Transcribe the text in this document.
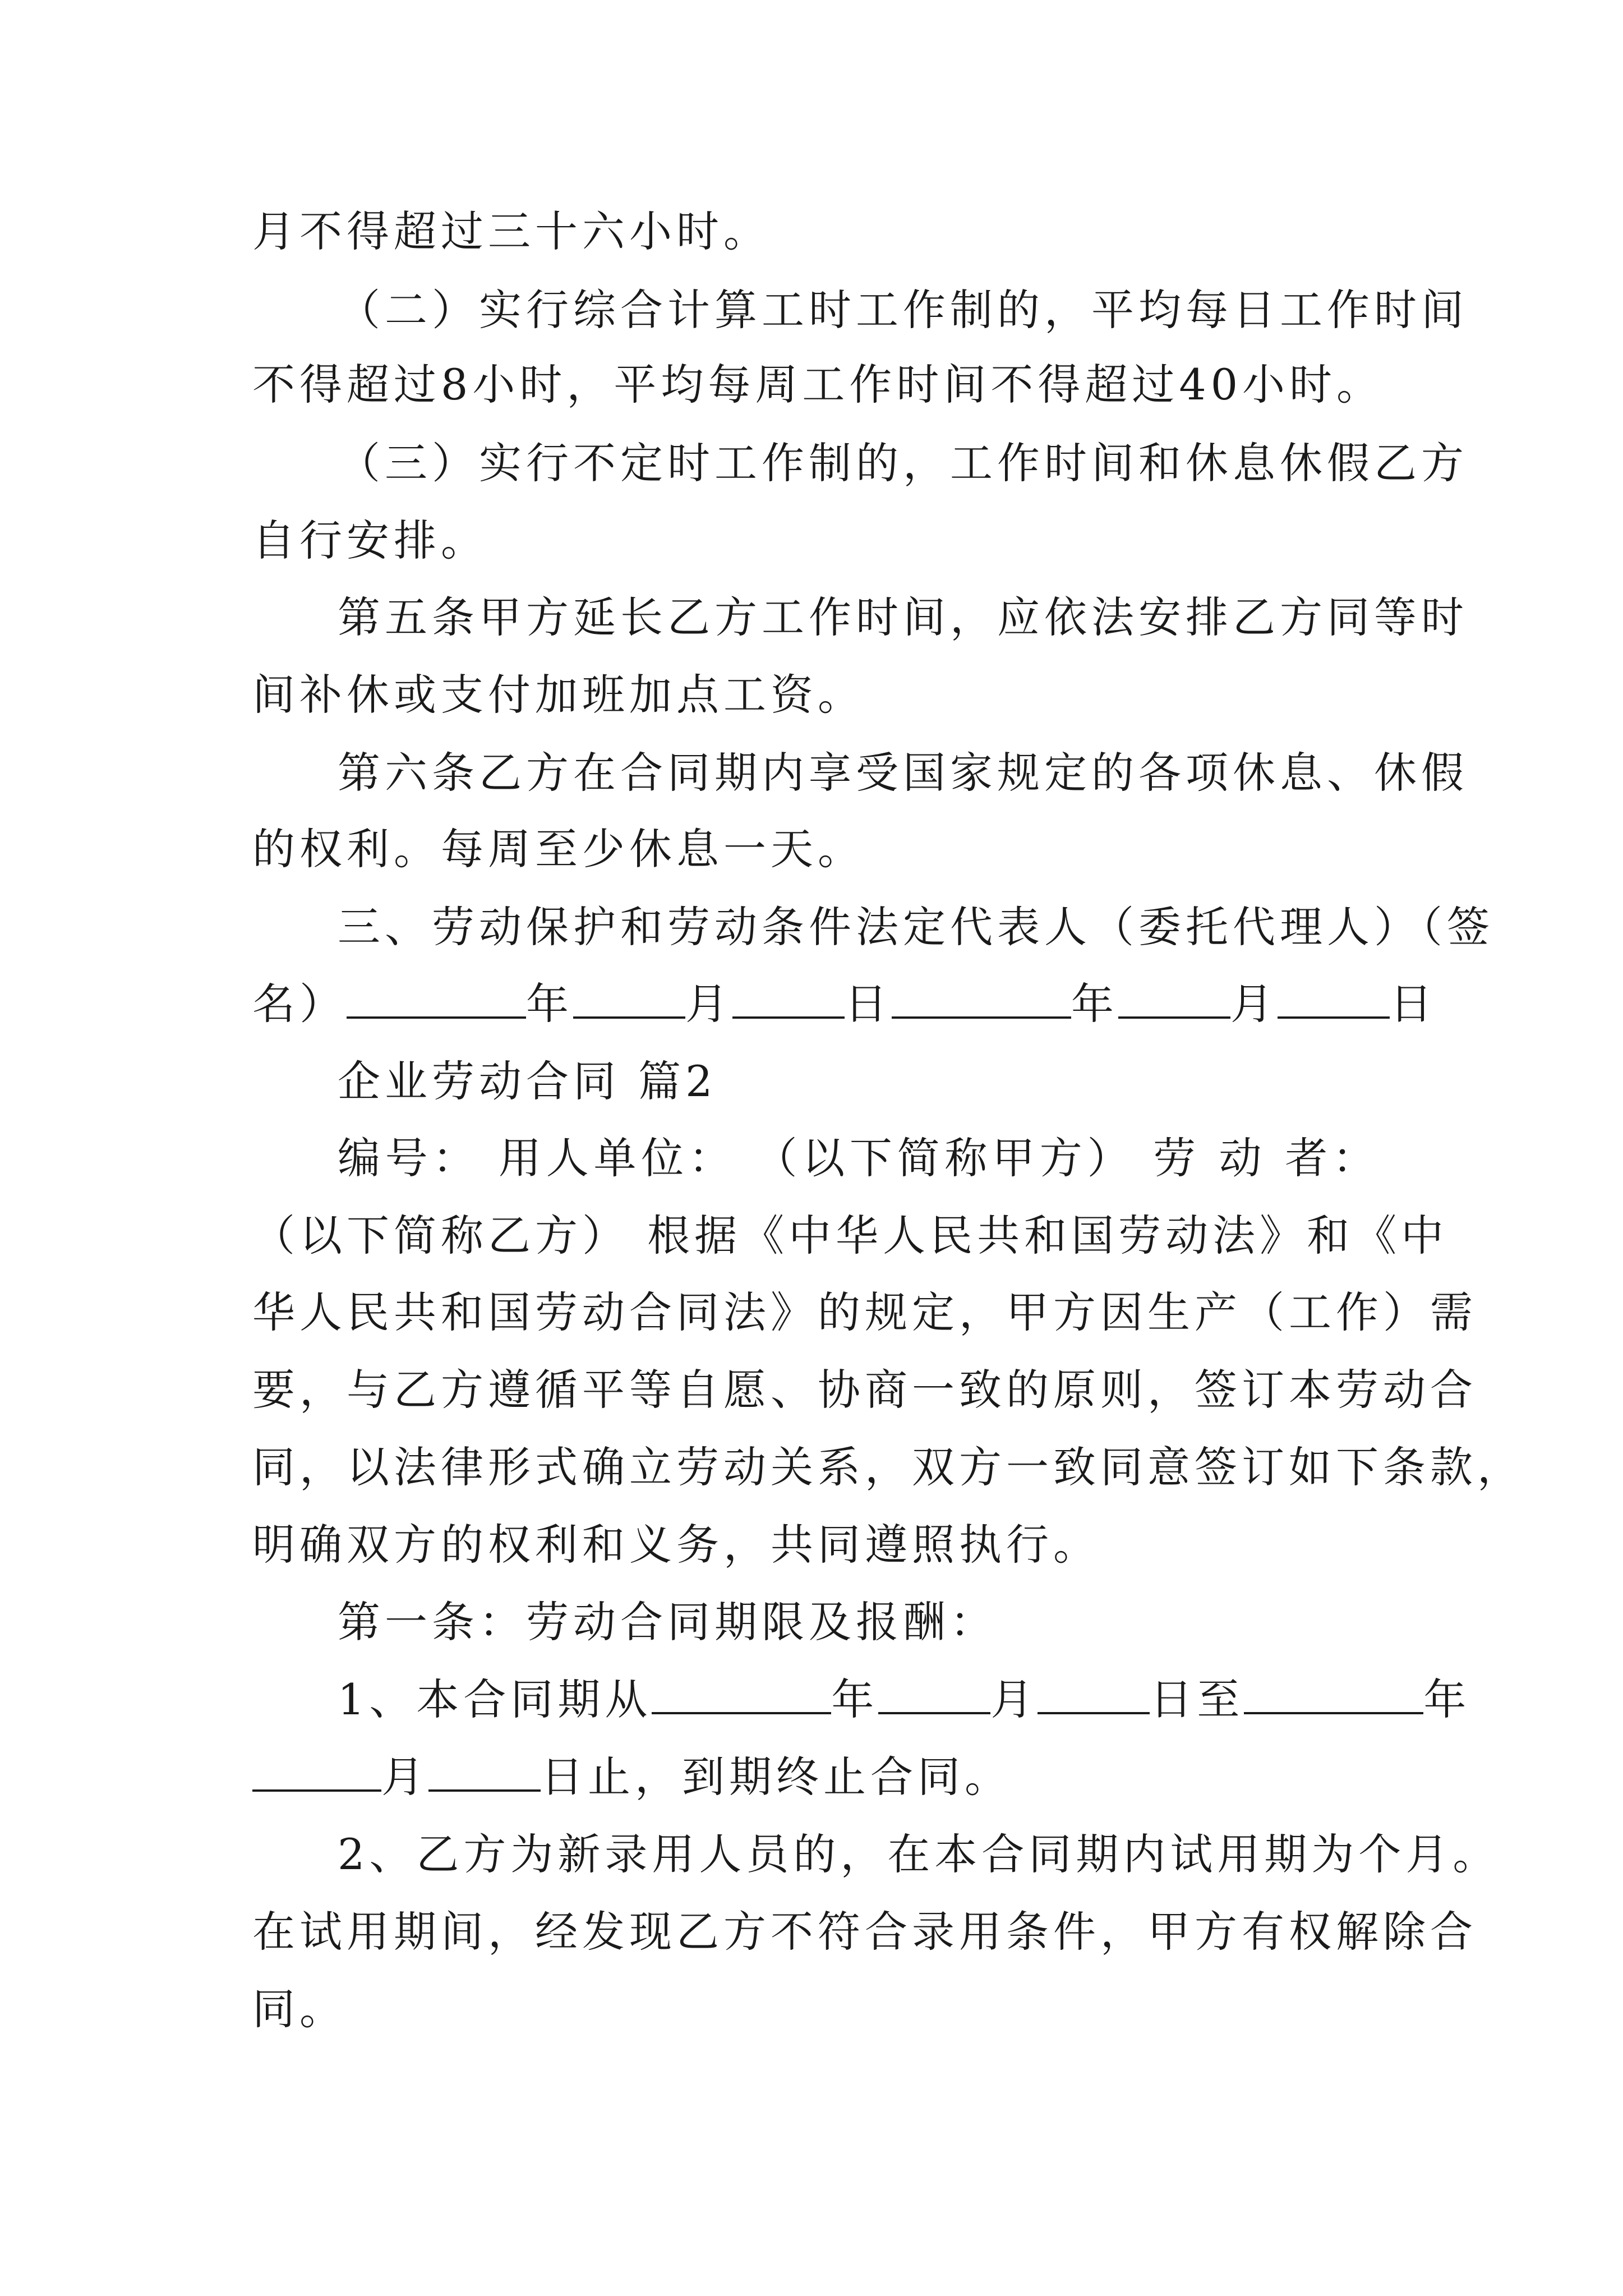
月不得超过三十六小时。
（二）实行综合计算工时工作制的，平均每日工作时间
不得超过8小时，平均每周工作时间不得超过40小时。
（三）实行不定时工作制的，工作时间和休息休假乙方
自行安排。
第五条甲方延长乙方工作时间，应依法安排乙方同等时
间补休或支付加班加点工资。
第六条乙方在合同期内享受国家规定的各项休息、休假
的权利。每周至少休息一天。
三、劳动保护和劳动条件法定代表人（委托代理人）（签
名）	年	月	日	年	月	日
企业劳动合同 篇2
编号： 用人单位： （以下简称甲方） 劳 动 者：
（以下简称乙方） 根据《中华人民共和国劳动法》和《中
华人民共和国劳动合同法》的规定，甲方因生产（工作）需
要，与乙方遵循平等自愿、协商一致的原则，签订本劳动合
同，以法律形式确立劳动关系，双方一致同意签订如下条款，
明确双方的权利和义务，共同遵照执行。
第一条：劳动合同期限及报酬：
1、本合同期从	年	月	日至	年
月	日止，到期终止合同。
2、乙方为新录用人员的，在本合同期内试用期为个月。
在试用期间，经发现乙方不符合录用条件，甲方有权解除合
同。
